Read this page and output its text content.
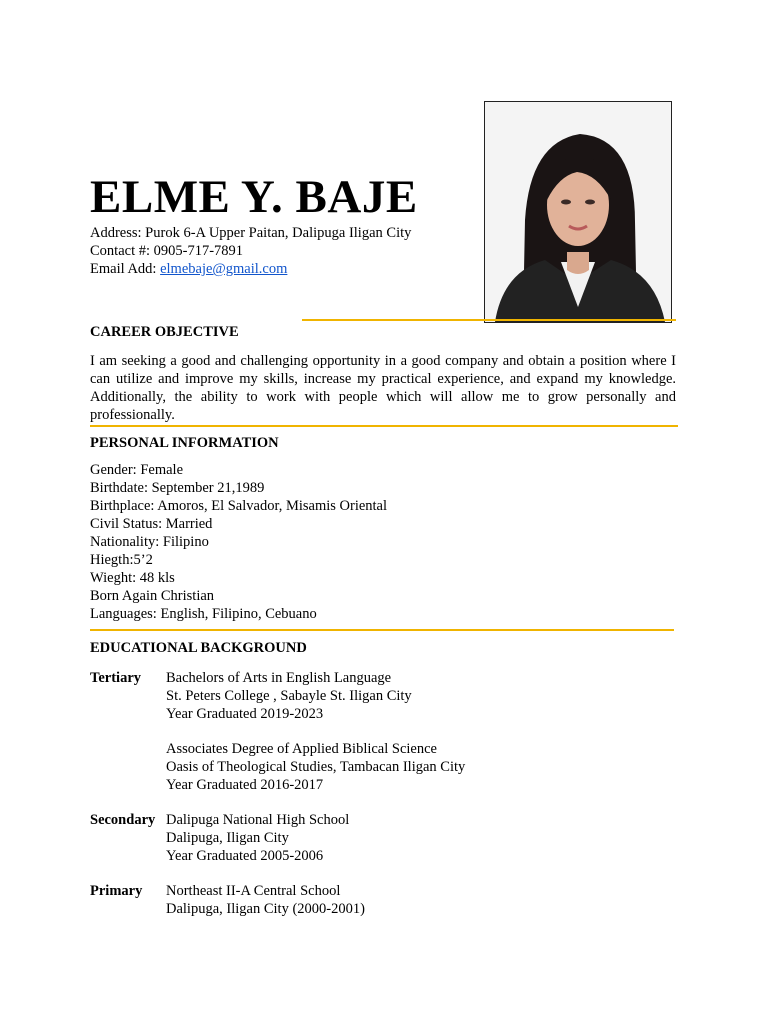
ELME Y. BAJE
Address: Purok 6-A Upper Paitan, Dalipuga Iligan City
Contact #: 0905-717-7891
Email Add: elmebaje@gmail.com
CAREER OBJECTIVE

I am seeking a good and challenging opportunity in a good company and obtain a position where I can utilize and improve my skills, increase my practical experience, and expand my knowledge. Additionally, the ability to work with people which will allow me to grow personally and professionally.

PERSONAL INFORMATION
Gender: Female
Birthdate: September 21,1989
Birthplace: Amoros, El Salvador, Misamis Oriental
Civil Status: Married
Nationality: Filipino
Hiegth:5’2
Wieght: 48 kls
Born Again Christian
Languages: English, Filipino, Cebuano
EDUCATIONAL BACKGROUND
Tertiary	Bachelors of Arts in English Language
St. Peters College , Sabayle St. Iligan City
Year Graduated 2019-2023
Associates Degree of Applied Biblical Science
Oasis of Theological Studies, Tambacan Iligan City
Year Graduated 2016-2017
Secondary Dalipuga National High School
Dalipuga, Iligan City
Year Graduated 2005-2006
Primary	Northeast II-A Central School
Dalipuga, Iligan City (2000-2001)
